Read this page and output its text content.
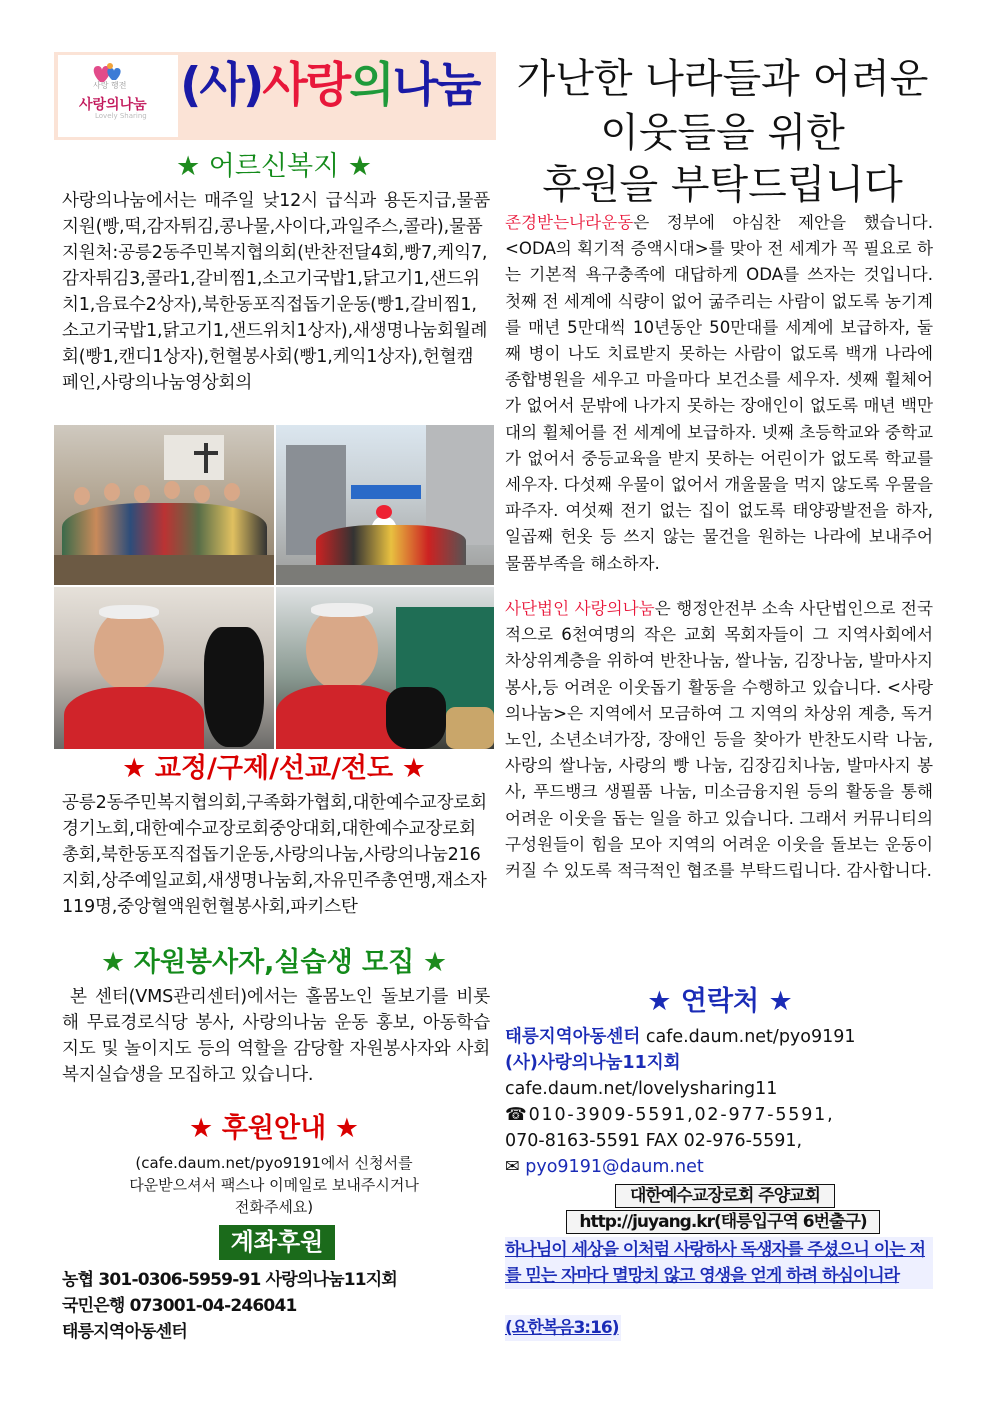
사랑 행전
사랑의나눔
Lovely Sharing
(사)사랑의나눔 가난한 나라들과 어려운
이웃들을 위한
후원을 부탁드립니다
★ 어르신복지 ★
사랑의나눔에서는 매주일 낮12시 급식과 용돈지급,물품지원(빵,떡,감자튀김,콩나물,사이다,과일주스,콜라),물품지원처:공릉2동주민복지협의회(반찬전달4회,빵7,케익7,감자튀김3,콜라1,갈비찜1,소고기국밥1,닭고기1,샌드위치1,음료수2상자),북한동포직접돕기운동(빵1,갈비찜1,소고기국밥1,닭고기1,샌드위치1상자),새생명나눔회월례회(빵1,캔디1상자),헌혈봉사회(빵1,케익1상자),헌혈캠페인,사랑의나눔영상회의
★ 교정/구제/선교/전도 ★
공릉2동주민복지협의회,구족화가협회,대한예수교장로회경기노회,대한예수교장로회중앙대회,대한예수교장로회총회,북한동포직접돕기운동,사랑의나눔,사랑의나눔216지회,상주예일교회,새생명나눔회,자유민주총연맹,재소자119명,중앙혈액원헌혈봉사회,파키스탄
★ 자원봉사자,실습생 모집 ★
본 센터(VMS관리센터)에서는 홀몸노인 돌보기를 비롯해 무료경로식당 봉사, 사랑의나눔 운동 홍보, 아동학습지도 및 놀이지도 등의 역할을 감당할 자원봉사자와 사회복지실습생을 모집하고 있습니다.
★ 후원안내 ★
(cafe.daum.net/pyo9191에서 신청서를
다운받으셔서 팩스나 이메일로 보내주시거나
전화주세요)
계좌후원
농협 301-0306-5959-91 사랑의나눔11지회
국민은행 073001-04-246041
태릉지역아동센터
존경받는나라운동은 정부에 야심찬 제안을 했습니다. <ODA의 획기적 증액시대>를 맞아 전 세계가 꼭 필요로 하는 기본적 욕구충족에 대답하게 ODA를 쓰자는 것입니다. 첫째 전 세계에 식량이 없어 굶주리는 사람이 없도록 농기계를 매년 5만대씩 10년동안 50만대를 세계에 보급하자, 둘째 병이 나도 치료받지 못하는 사람이 없도록 백개 나라에 종합병원을 세우고 마을마다 보건소를 세우자. 셋째 휠체어가 없어서 문밖에 나가지 못하는 장애인이 없도록 매년 백만대의 휠체어를 전 세계에 보급하자. 넷째 초등학교와 중학교가 없어서 중등교육을 받지 못하는 어린이가 없도록 학교를 세우자. 다섯째 우물이 없어서 개울물을 먹지 않도록 우물을 파주자. 여섯째 전기 없는 집이 없도록 태양광발전을 하자, 일곱째 헌옷 등 쓰지 않는 물건을 원하는 나라에 보내주어 물품부족을 해소하자.
사단법인 사랑의나눔은 행정안전부 소속 사단법인으로 전국적으로 6천여명의 작은 교회 목회자들이 그 지역사회에서 차상위계층을 위하여 반찬나눔, 쌀나눔, 김장나눔, 발마사지봉사,등 어려운 이웃돕기 활동을 수행하고 있습니다. <사랑의나눔>은 지역에서 모금하여 그 지역의 차상위 계층, 독거노인, 소년소녀가장, 장애인 등을 찾아가 반찬도시락 나눔, 사랑의 쌀나눔, 사랑의 빵 나눔, 김장김치나눔, 발마사지 봉사, 푸드뱅크 생필품 나눔, 미소금융지원 등의 활동을 통해 어려운 이웃을 돕는 일을 하고 있습니다. 그래서 커뮤니티의 구성원들이 힘을 모아 지역의 어려운 이웃을 돌보는 운동이 커질 수 있도록 적극적인 협조를 부탁드립니다. 감사합니다.
★ 연락처 ★
태릉지역아동센터 cafe.daum.net/pyo9191
(사)사랑의나눔11지회
cafe.daum.net/lovelysharing11
☎010-3909-5591,02-977-5591,
070-8163-5591 FAX 02-976-5591,
✉ pyo9191@daum.net
대한예수교장로회 주양교회
http://juyang.kr(태릉입구역 6번출구)
하나님이 세상을 이처럼 사랑하사 독생자를 주셨으니 이는 저를 믿는 자마다 멸망치 않고 영생을 얻게 하려 하심이니라
(요한복음3:16)
